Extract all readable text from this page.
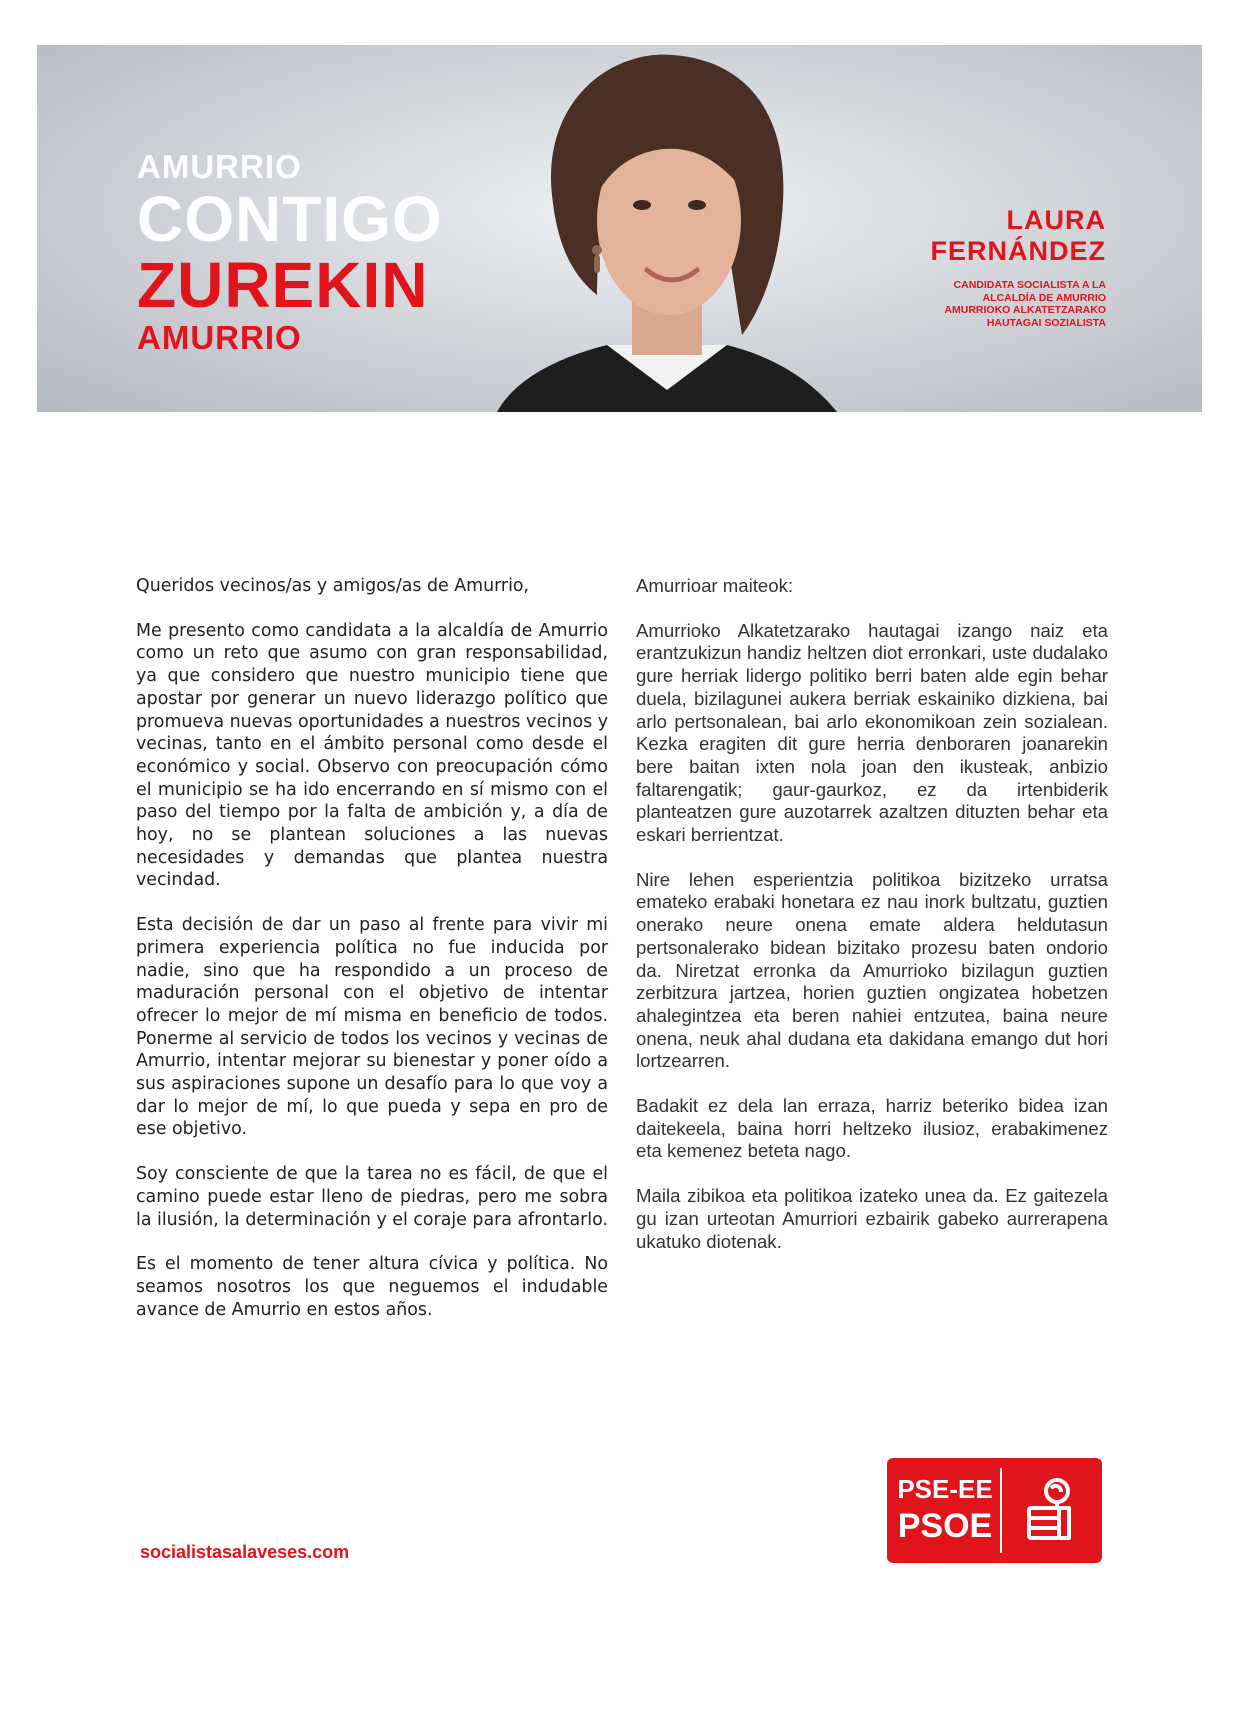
AMURRIO
CONTIGO
ZUREKIN
AMURRIO
LAURA
FERNÁNDEZ
CANDIDATA SOCIALISTA A LA
ALCALDÍA DE AMURRIO
AMURRIOKO ALKATETZARAKO
HAUTAGAI SOZIALISTA

Queridos vecinos/as y amigos/as de Amurrio,

Me presento como candidata a la alcaldía de Amurrio como un reto que asumo con gran responsabilidad, ya que considero que nuestro municipio tiene que apostar por generar un nuevo liderazgo político que promueva nuevas oportunidades a nuestros vecinos y vecinas, tanto en el ámbito personal como desde el económico y social. Observo con preocupación cómo el municipio se ha ido encerrando en sí mismo con el paso del tiempo por la falta de ambición y, a día de hoy, no se plantean soluciones a las nuevas necesidades y demandas que plantea nuestra vecindad.

Esta decisión de dar un paso al frente para vivir mi primera experiencia política no fue inducida por nadie, sino que ha respondido a un proceso de maduración personal con el objetivo de intentar ofrecer lo mejor de mí misma en beneficio de todos. Ponerme al servicio de todos los vecinos y vecinas de Amurrio, intentar mejorar su bienestar y poner oído a sus aspiraciones supone un desafío para lo que voy a dar lo mejor de mí, lo que pueda y sepa en pro de ese objetivo.

Soy consciente de que la tarea no es fácil, de que el camino puede estar lleno de piedras, pero me sobra la ilusión, la determinación y el coraje para afrontarlo.

Es el momento de tener altura cívica y política. No seamos nosotros los que neguemos el indudable avance de Amurrio en estos años.

Amurrioar maiteok:

Amurrioko Alkatetzarako hautagai izango naiz eta erantzukizun handiz heltzen diot erronkari, uste dudalako gure herriak lidergo politiko berri baten alde egin behar duela, bizilagunei aukera berriak eskainiko dizkiena, bai arlo pertsonalean, bai arlo ekonomikoan zein sozialean. Kezka eragiten dit gure herria denboraren joanarekin bere baitan ixten nola joan den ikusteak, anbizio faltarengatik; gaur-gaurkoz, ez da irtenbiderik planteatzen gure auzotarrek azaltzen dituzten behar eta eskari berrientzat.

Nire lehen esperientzia politikoa bizitzeko urratsa emateko erabaki honetara ez nau inork bultzatu, guztien onerako neure onena emate aldera heldutasun pertsonalerako bidean bizitako prozesu baten ondorio da. Niretzat erronka da Amurrioko bizilagun guztien zerbitzura jartzea, horien guztien ongizatea hobetzen ahalegintzea eta beren nahiei entzutea, baina neure onena, neuk ahal dudana eta dakidana emango dut hori lortzearren.

Badakit ez dela lan erraza, harriz beteriko bidea izan daitekeela, baina horri heltzeko ilusioz, erabakimenez eta kemenez beteta nago.

Maila zibikoa eta politikoa izateko unea da. Ez gaitezela gu izan urteotan Amurriori ezbairik gabeko aurrerapena ukatuko diotenak.

socialistasalaveses.com
PSE-EE
PSOE
